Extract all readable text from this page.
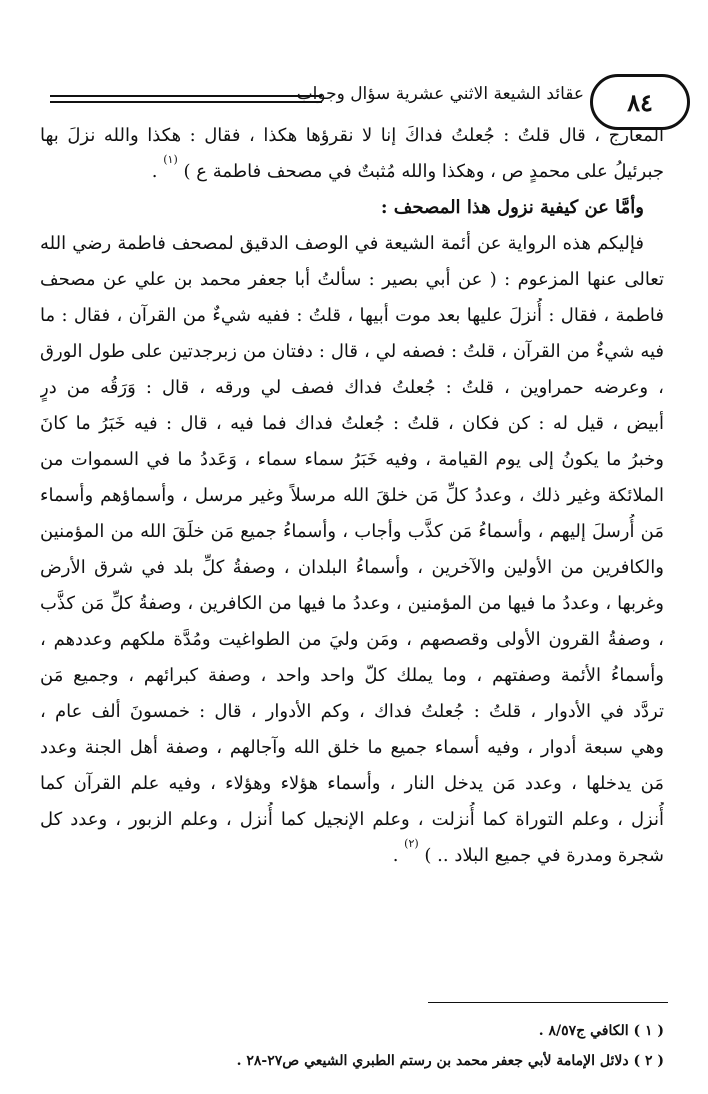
٨٤
عقائد الشيعة الاثني عشرية سؤال وجواب
المعارج ، قال قلتُ : جُعلتُ فداكَ إنا لا نقرؤها هكذا ، فقال : هكذا والله نزلَ بها
جبرئيلُ على محمدٍ ص ، وهكذا والله مُثبتٌ في مصحف فاطمة ع ) $^{(١)}$ .
وأمَّا عن كيفية نزول هذا المصحف :
فإليكم هذه الرواية عن أئمة الشيعة في الوصف الدقيق لمصحف فاطمة رضي الله
تعالى عنها المزعوم : ( عن أبي بصير : سألتُ أبا جعفر محمد بن علي عن مصحف
فاطمة ، فقال : أُنزلَ عليها بعد موت أبيها ، قلتُ : ففيه شيءٌ من القرآن ، فقال : ما
فيه شيءٌ من القرآن ، قلتُ : فصفه لي ، قال : دفتان من زبرجدتين على طول الورق
، وعرضه حمراوين ، قلتُ : جُعلتُ فداك فصف لي ورقه ، قال : وَرَقُه من درٍ
أبيض ، قيل له : كن فكان ، قلتُ : جُعلتُ فداك فما فيه ، قال : فيه خَبَرُ ما كانَ
وخبرُ ما يكونُ إلى يوم القيامة ، وفيه خَبَرُ سماء سماء ، وَعَددُ ما في السموات من
الملائكة وغير ذلك ، وعددُ كلِّ مَن خلقَ الله مرسلاً وغير مرسل ، وأسماؤهم وأسماء
مَن أُرسلَ إليهم ، وأسماءُ مَن كذَّب وأجاب ، وأسماءُ جميع مَن خلَقَ الله من المؤمنين
والكافرين من الأولين والآخرين ، وأسماءُ البلدان ، وصفةُ كلِّ بلد في شرق الأرض
وغربها ، وعددُ ما فيها من المؤمنين ، وعددُ ما فيها من الكافرين ، وصفةُ كلِّ مَن كذَّب
، وصفةُ القرون الأولى وقصصهم ، ومَن وليَ من الطواغيت ومُدَّة ملكهم وعددهم ،
وأسماءُ الأئمة وصفتهم ، وما يملك كلّ واحد واحد ، وصفة كبرائهم ، وجميع مَن
تردَّد في الأدوار ، قلتُ : جُعلتُ فداك ، وكم الأدوار ، قال : خمسونَ ألف عام ،
وهي سبعة أدوار ، وفيه أسماء جميع ما خلق الله وآجالهم ، وصفة أهل الجنة وعدد
مَن يدخلها ، وعدد مَن يدخل النار ، وأسماء هؤلاء وهؤلاء ، وفيه علم القرآن كما
أُنزل ، وعلم التوراة كما أُنزلت ، وعلم الإنجيل كما أُنزل ، وعلم الزبور ، وعدد كل
شجرة ومدرة في جميع البلاد .. ) $^{(٢)}$ .
( ١ ) الكافي ج٨/٥٧ .
( ٢ ) دلائل الإمامة لأبي جعفر محمد بن رستم الطبري الشيعي ص٢٧-٢٨ .
